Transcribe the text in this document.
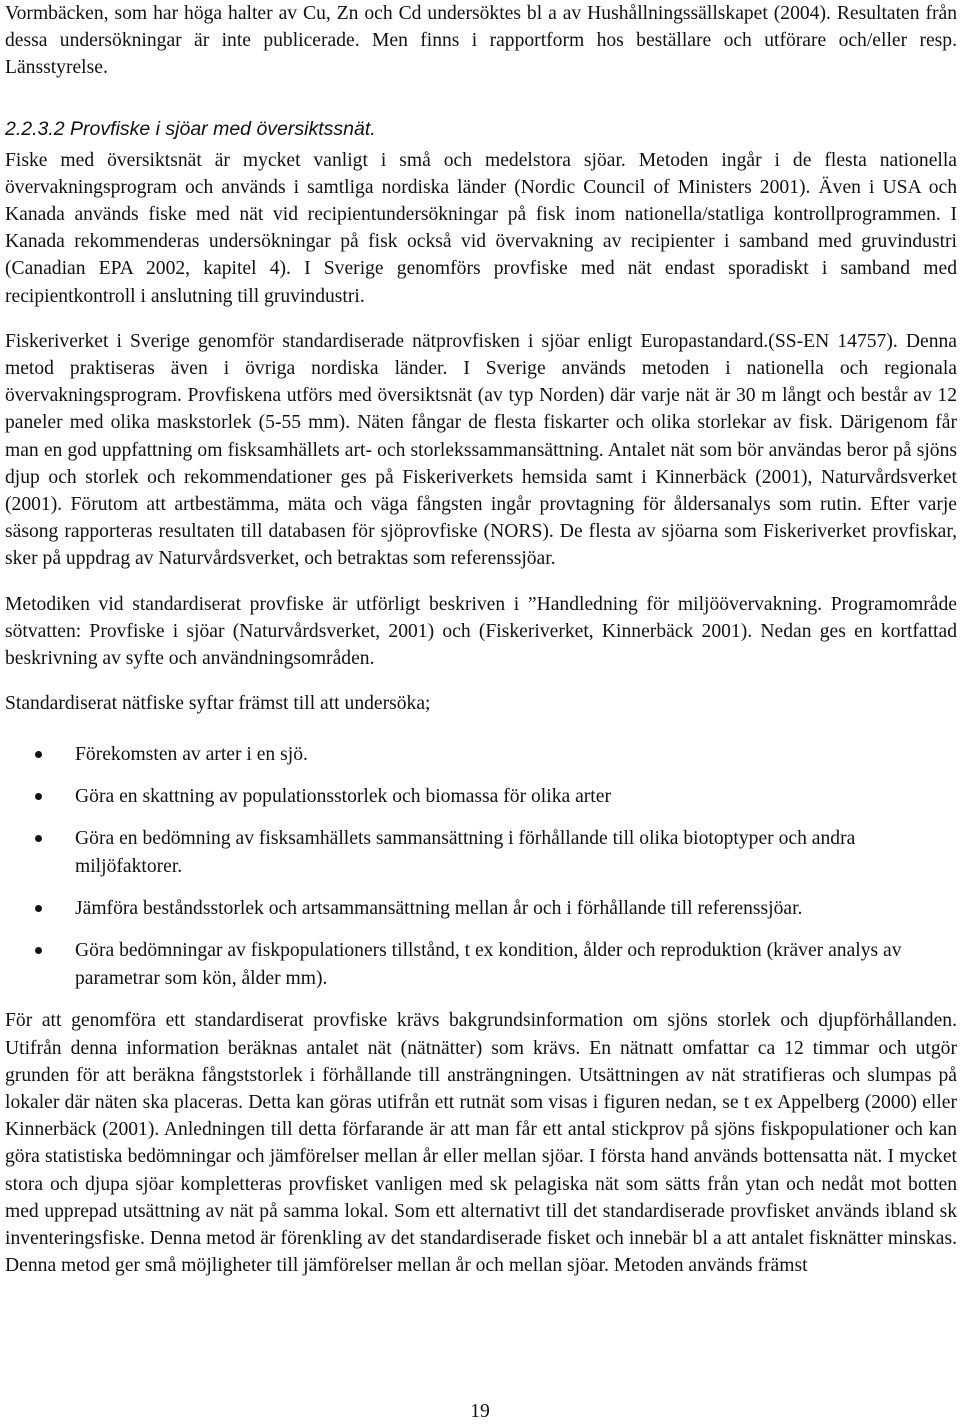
Vormbäcken, som har höga halter av Cu, Zn och Cd undersöktes bl a av Hushållningssällskapet (2004). Resultaten från dessa undersökningar är inte publicerade. Men finns i rapportform hos beställare och utförare och/eller resp. Länsstyrelse.

2.2.3.2 Provfiske i sjöar med översiktssnät.

Fiske med översiktsnät är mycket vanligt i små och medelstora sjöar. Metoden ingår i de flesta nationella övervakningsprogram och används i samtliga nordiska länder (Nordic Council of Ministers 2001). Även i USA och Kanada används fiske med nät vid recipientundersökningar på fisk inom nationella/statliga kontrollprogrammen. I Kanada rekommenderas undersökningar på fisk också vid övervakning av recipienter i samband med gruvindustri (Canadian EPA 2002, kapitel 4). I Sverige genomförs provfiske med nät endast sporadiskt i samband med recipientkontroll i anslutning till gruvindustri.

Fiskeriverket i Sverige genomför standardiserade nätprovfisken i sjöar enligt Europastandard.(SS-EN 14757). Denna metod praktiseras även i övriga nordiska länder. I Sverige används metoden i nationella och regionala övervakningsprogram. Provfiskena utförs med översiktsnät (av typ Norden) där varje nät är 30 m långt och består av 12 paneler med olika maskstorlek (5-55 mm). Näten fångar de flesta fiskarter och olika storlekar av fisk. Därigenom får man en god uppfattning om fisksamhällets art- och storlekssammansättning. Antalet nät som bör användas beror på sjöns djup och storlek och rekommendationer ges på Fiskeriverkets hemsida samt i Kinnerbäck (2001), Naturvårdsverket (2001). Förutom att artbestämma, mäta och väga fångsten ingår provtagning för åldersanalys som rutin. Efter varje säsong rapporteras resultaten till databasen för sjöprovfiske (NORS). De flesta av sjöarna som Fiskeriverket provfiskar, sker på uppdrag av Naturvårdsverket, och betraktas som referenssjöar.

Metodiken vid standardiserat provfiske är utförligt beskriven i ”Handledning för miljöövervakning. Programområde sötvatten: Provfiske i sjöar (Naturvårdsverket, 2001) och (Fiskeriverket, Kinnerbäck 2001). Nedan ges en kortfattad beskrivning av syfte och användningsområden.

Standardiserat nätfiske syftar främst till att undersöka;

Förekomsten av arter i en sjö.
Göra en skattning av populationsstorlek och biomassa för olika arter
Göra en bedömning av fisksamhällets sammansättning i förhållande till olika biotoptyper och andra miljöfaktorer.
Jämföra beståndsstorlek och artsammansättning mellan år och i förhållande till referenssjöar.
Göra bedömningar av fiskpopulationers tillstånd, t ex kondition, ålder och reproduktion (kräver analys av parametrar som kön, ålder mm).

För att genomföra ett standardiserat provfiske krävs bakgrundsinformation om sjöns storlek och djupförhållanden. Utifrån denna information beräknas antalet nät (nätnätter) som krävs. En nätnatt omfattar ca 12 timmar och utgör grunden för att beräkna fångststorlek i förhållande till ansträngningen. Utsättningen av nät stratifieras och slumpas på lokaler där näten ska placeras. Detta kan göras utifrån ett rutnät som visas i figuren nedan, se t ex Appelberg (2000) eller Kinnerbäck (2001). Anledningen till detta förfarande är att man får ett antal stickprov på sjöns fiskpopulationer och kan göra statistiska bedömningar och jämförelser mellan år eller mellan sjöar. I första hand används bottensatta nät. I mycket stora och djupa sjöar kompletteras provfisket vanligen med sk pelagiska nät som sätts från ytan och nedåt mot botten med upprepad utsättning av nät på samma lokal. Som ett alternativt till det standardiserade provfisket används ibland sk inventeringsfiske. Denna metod är förenkling av det standardiserade fisket och innebär bl a att antalet fisknätter minskas. Denna metod ger små möjligheter till jämförelser mellan år och mellan sjöar. Metoden används främst

19
